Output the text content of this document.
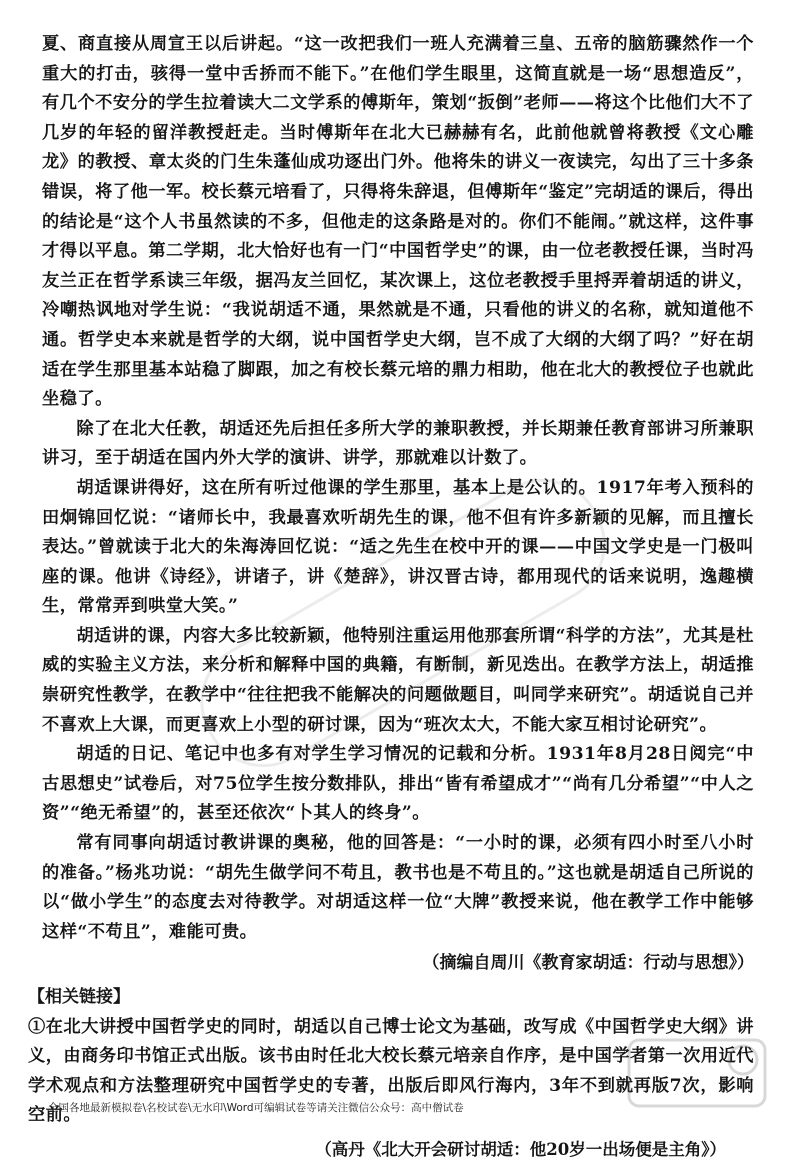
夏、商直接从周宣王以后讲起。“这一改把我们一班人充满着三皇、五帝的脑筋骤然作一个重大的打击，骇得一堂中舌挢而不能下。”在他们学生眼里，这简直就是一场“思想造反”，有几个不安分的学生拉着读大二文学系的傅斯年，策划“扳倒”老师——将这个比他们大不了几岁的年轻的留洋教授赶走。当时傅斯年在北大已赫赫有名，此前他就曾将教授《文心雕龙》的教授、章太炎的门生朱蓬仙成功逐出门外。他将朱的讲义一夜读完，勾出了三十多条错误，将了他一军。校长蔡元培看了，只得将朱辞退，但傅斯年“鉴定”完胡适的课后，得出的结论是“这个人书虽然读的不多，但他走的这条路是对的。你们不能闹。”就这样，这件事才得以平息。第二学期，北大恰好也有一门“中国哲学史”的课，由一位老教授任课，当时冯友兰正在哲学系读三年级，据冯友兰回忆，某次课上，这位老教授手里捋弄着胡适的讲义，冷嘲热讽地对学生说：“我说胡适不通，果然就是不通，只看他的讲义的名称，就知道他不通。哲学史本来就是哲学的大纲，说中国哲学史大纲，岂不成了大纲的大纲了吗？”好在胡适在学生那里基本站稳了脚跟，加之有校长蔡元培的鼎力相助，他在北大的教授位子也就此坐稳了。

除了在北大任教，胡适还先后担任多所大学的兼职教授，并长期兼任教育部讲习所兼职讲习，至于胡适在国内外大学的演讲、讲学，那就难以计数了。

胡适课讲得好，这在所有听过他课的学生那里，基本上是公认的。1917年考入预科的田炯锦回忆说：“诸师长中，我最喜欢听胡先生的课，他不但有许多新颖的见解，而且擅长表达。”曾就读于北大的朱海涛回忆说：“适之先生在校中开的课——中国文学史是一门极叫座的课。他讲《诗经》，讲诸子，讲《楚辞》，讲汉晋古诗，都用现代的话来说明，逸趣横生，常常弄到哄堂大笑。”

胡适讲的课，内容大多比较新颖，他特别注重运用他那套所谓“科学的方法”，尤其是杜威的实验主义方法，来分析和解释中国的典籍，有断制，新见迭出。在教学方法上，胡适推崇研究性教学，在教学中“往往把我不能解决的问题做题目，叫同学来研究”。胡适说自己并不喜欢上大课，而更喜欢上小型的研讨课，因为“班次太大，不能大家互相讨论研究”。

胡适的日记、笔记中也多有对学生学习情况的记载和分析。1931年8月28日阅完“中古思想史”试卷后，对75位学生按分数排队，排出“皆有希望成才”“尚有几分希望”“中人之资”“绝无希望”的，甚至还依次“卜其人的终身”。

常有同事向胡适讨教讲课的奥秘，他的回答是：“一小时的课，必须有四小时至八小时的准备。”杨兆功说：“胡先生做学问不苟且，教书也是不苟且的。”这也就是胡适自己所说的以“做小学生”的态度去对待教学。对胡适这样一位“大牌”教授来说，他在教学工作中能够这样“不苟且”，难能可贵。

（摘编自周川《教育家胡适：行动与思想》）

【相关链接】

①在北大讲授中国哲学史的同时，胡适以自己博士论文为基础，改写成《中国哲学史大纲》讲义，由商务印书馆正式出版。该书由时任北大校长蔡元培亲自作序，是中国学者第一次用近代学术观点和方法整理研究中国哲学史的专著，出版后即风行海内，3年不到就再版7次，影响空前。

（高丹《北大开会研讨胡适：他20岁一出场便是主角》）

全国各地最新模拟卷\名校试卷\无水印\Word可编辑试卷等请关注微信公众号：高中僧试卷
